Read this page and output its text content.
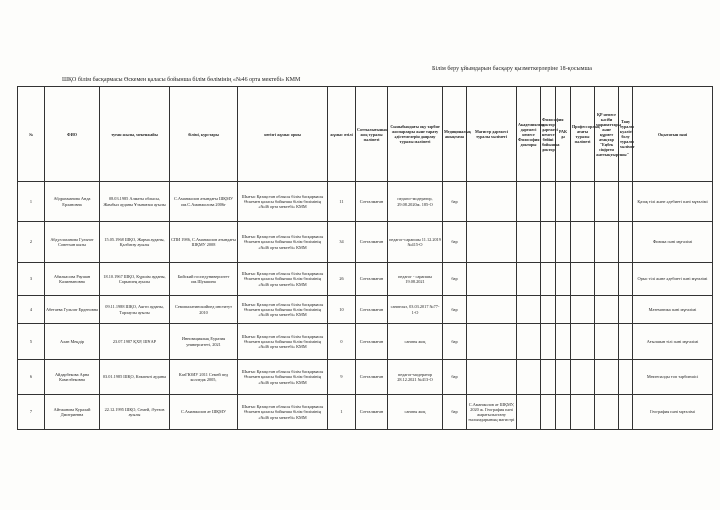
Білім беру ұйымдарын басқару қызметкерлеріне 18-қосымша
ШҚО білім басқармасы Өскемен қаласы бойынша білім бөлімінің «№46 орта мектебі» КММ
№	ФИО	туған жылы, мекенжайы	білімі, курстары	негізгі жұмыс орны	жұмыс өтілі	Соттылығының жоқ туралы мәліметі	Сыныбындағы оқу тәрбие жоспарлары және тарату әдістемелерін даярлау туралы мәліметі	Медициналық анықтама	Магистр дәрежесі туралы мәліметі	Академиялық дәрежесі немесе Философия докторы	Философия доктор дәрежесі немесе бейіні бойынша доктор	РАК дә	Профессорлық атағы туралы мәліметі	ҚР немесе кәсіби марапаттары және құрмет атақтар "Еңбек сіңірген жаттықтырушы"	Тану туралы куәлігі болу туралы мәлімет	Оқытатын пәні
1	Абдрахманова Анда Ерлановна	08.03.1985 Алматы облысы, Жамбыл ауданы Ұзынағаш ауылы	С.Аманжолов атындағы ШҚМУ им.С.Аманжолова 2006г	Шығыс Қазақстан облысы білім басқармасы Өскемен қаласы бойынша білім бөлімінің «№46 орта мектебі» КММ	11	Сотталмаған	педагог-модератор, 29.08.2020ж. 185-О	бар								Қазақ тілі және әдебиеті пәні мұғалімі
2	Абдуллаханова Гульнот Советхан кызы	15.05.1968 ШҚО, Жарма ауданы, Қалбатау ауылы	СПИ 1986, С.Аманжолов атындағы ШҚМУ 2008	Шығыс Қазақстан облысы білім басқармасы Өскемен қаласы бойынша білім бөлімінің «№46 орта мектебі» КММ	34	Сотталмаған	педагог-сарапшы 11.12.2019 №415-О	бар								Физика пәні мұғалімі
3	Абилкасова Раушан Калиевановна	18.10.1967 ШҚО, Күршім ауданы, Сарыөлең ауылы	Бийский госпедуниверситет им.Шукшина	Шығыс Қазақстан облысы білім басқармасы Өскемен қаласы бойынша білім бөлімінің «№46 орта мектебі» КММ	26	Сотталмаған	педагог - сарапшы 19.08.2021	бар								Орыс тілі және әдебиеті пәні мұғалімі
4	Абетаева Гульзат Ерденовна	09.11.1988 ШҚО, Аягөз ауданы, Тарлаулы ауылы	Семипалатинскийпед институт 2010	Шығыс Қазақстан облысы білім басқармасы Өскемен қаласы бойынша білім бөлімінің «№46 орта мектебі» КММ	10	Сотталмаған	санатсыз, 03.03.2017 №77-1-О	бар								Математика пәні мұғалімі
5	Алан Меңдір	23.07.1987 ҚХР, ШҰАР	Инновациялық Еуразия университеті, 2021	Шығыс Қазақстан облысы білім басқармасы Өскемен қаласы бойынша білім бөлімінің «№46 орта мектебі» КММ	0	Сотталмаған	санаты жоқ	бар								Ағылшын тілі пәні мұғалімі
6	Айдарбекова Арна Камелбековна	03.01.1985 ШҚО, Көкпекті ауданы	КазГЮИУ 2011 Семей пед колледж 2005,	Шығыс Қазақстан облысы білім басқармасы Өскемен қаласы бойынша білім бөлімінің «№46 орта мектебі» КММ	9	Сотталмаған	педагог-модератор 28.12.2021 №413-О	бар								Мектепалды топ тәрбиешісі
7	Айтжанова Куралай Дмитриевна	22.12.1995 ШҚО, Семей, Әуезов ауылы	С.Аманжолов ат ШҚМУ	Шығыс Қазақстан облысы білім басқармасы Өскемен қаласы бойынша білім бөлімінің «№46 орта мектебі» КММ	1	Сотталмаған	санаты жоқ	бар	С.Аманжолов ат ШҚМУ, 2020 ж. География пәні жаратылыстану ғылымдарының магистрі							География пәні мұғалімі
